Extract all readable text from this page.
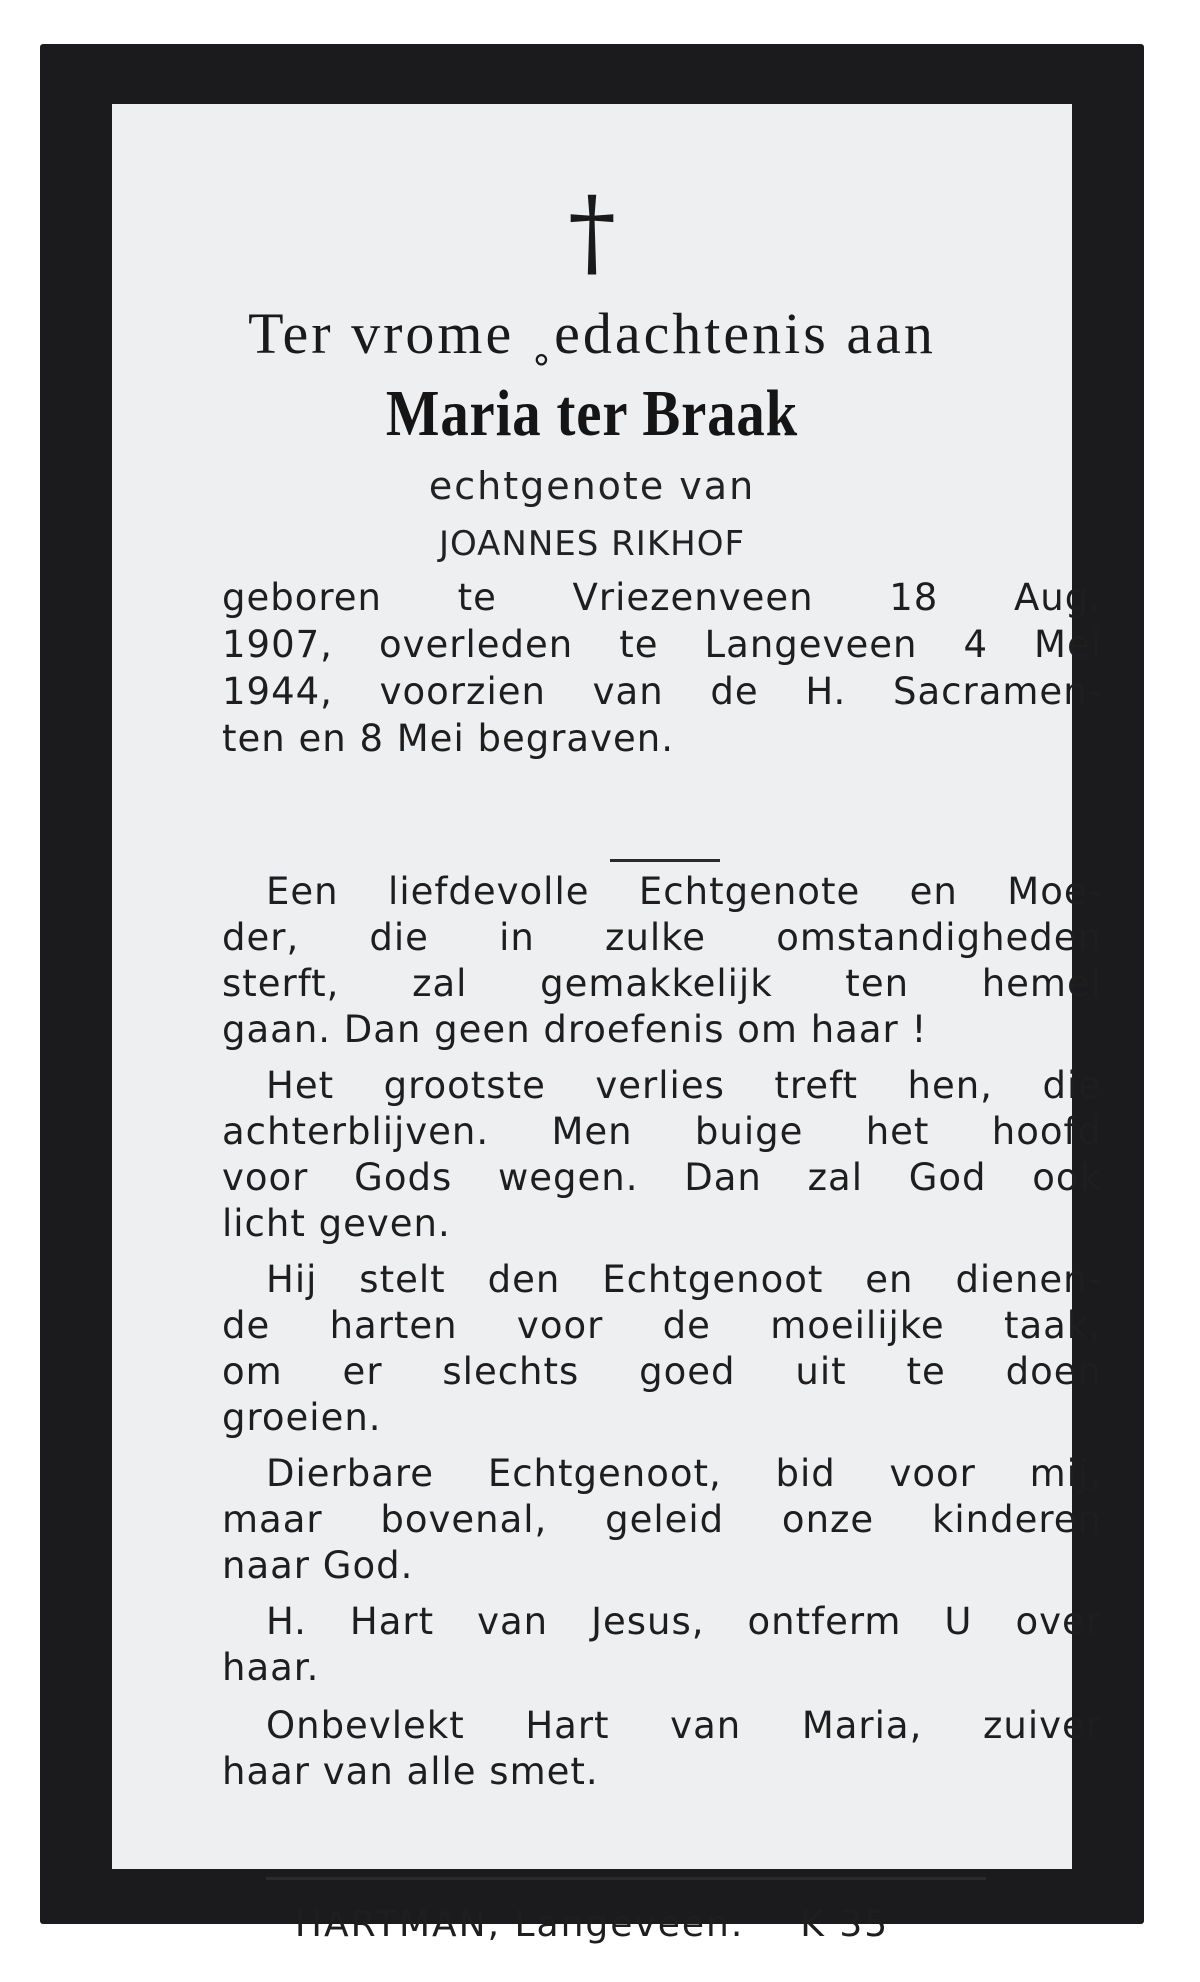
†
Ter vrome ˳edachtenis aan
Maria ter Braak
echtgenote van
JOANNES RIKHOF
geboren te Vriezenveen 18 Aug.
1907, overleden te Langeveen 4 Mei
1944, voorzien van de H. Sacramen-
ten en 8 Mei begraven.
Een liefdevolle Echtgenote en Moe-
der, die in zulke omstandigheden
sterft, zal gemakkelijk ten hemel
gaan. Dan geen droefenis om haar !
Het grootste verlies treft hen, die
achterblijven. Men buige het hoofd
voor Gods wegen. Dan zal God ook
licht geven.
Hij stelt den Echtgenoot en dienen-
de harten voor de moeilijke taak,
om er slechts goed uit te doen
groeien.
Dierbare Echtgenoot, bid voor mij,
maar bovenal, geleid onze kinderen
naar God.
H. Hart van Jesus, ontferm U over
haar.
Onbevlekt Hart van Maria, zuiver
haar van alle smet.
HARTMAN, Langeveen. K 35
